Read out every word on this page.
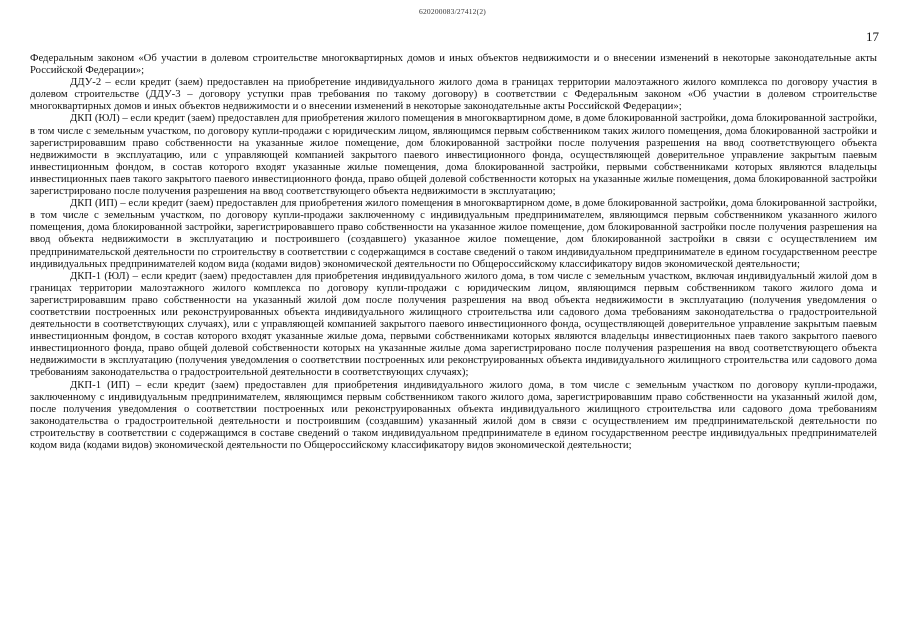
620200083/27412(2)
17

Федеральным законом «Об участии в долевом строительстве многоквартирных домов и иных объектов недвижимости и о внесении изменений в некоторые законодательные акты Российской Федерации»;

ДДУ-2 – если кредит (заем) предоставлен на приобретение индивидуального жилого дома в границах территории малоэтажного жилого комплекса по договору участия в долевом строительстве (ДДУ-3 – договору уступки прав требования по такому договору) в соответствии с Федеральным законом «Об участии в долевом строительстве многоквартирных домов и иных объектов недвижимости и о внесении изменений в некоторые законодательные акты Российской Федерации»;

ДКП (ЮЛ) – если кредит (заем) предоставлен для приобретения жилого помещения в многоквартирном доме, в доме блокированной застройки, дома блокированной застройки, в том числе с земельным участком, по договору купли-продажи с юридическим лицом, являющимся первым собственником таких жилого помещения, дома блокированной застройки и зарегистрировавшим право собственности на указанные жилое помещение, дом блокированной застройки после получения разрешения на ввод соответствующего объекта недвижимости в эксплуатацию, или с управляющей компанией закрытого паевого инвестиционного фонда, осуществляющей доверительное управление закрытым паевым инвестиционным фондом, в состав которого входят указанные жилые помещения, дома блокированной застройки, первыми собственниками которых являются владельцы инвестиционных паев такого закрытого паевого инвестиционного фонда, право общей долевой собственности которых на указанные жилые помещения, дома блокированной застройки зарегистрировано после получения разрешения на ввод соответствующего объекта недвижимости в эксплуатацию;

ДКП (ИП) – если кредит (заем) предоставлен для приобретения жилого помещения в многоквартирном доме, в доме блокированной застройки, дома блокированной застройки, в том числе с земельным участком, по договору купли-продажи заключенному с индивидуальным предпринимателем, являющимся первым собственником указанного жилого помещения, дома блокированной застройки, зарегистрировавшего право собственности на указанное жилое помещение, дом блокированной застройки после получения разрешения на ввод объекта недвижимости в эксплуатацию и построившего (создавшего) указанное жилое помещение, дом блокированной застройки в связи с осуществлением им предпринимательской деятельности по строительству в соответствии с содержащимся в составе сведений о таком индивидуальном предпринимателе в едином государственном реестре индивидуальных предпринимателей кодом вида (кодами видов) экономической деятельности по Общероссийскому классификатору видов экономической деятельности;

ДКП-1 (ЮЛ) – если кредит (заем) предоставлен для приобретения индивидуального жилого дома, в том числе с земельным участком, включая индивидуальный жилой дом в границах территории малоэтажного жилого комплекса по договору купли-продажи с юридическим лицом, являющимся первым собственником такого жилого дома и зарегистрировавшим право собственности на указанный жилой дом после получения разрешения на ввод объекта недвижимости в эксплуатацию (получения уведомления о соответствии построенных или реконструированных объекта индивидуального жилищного строительства или садового дома требованиям законодательства о градостроительной деятельности в соответствующих случаях), или с управляющей компанией закрытого паевого инвестиционного фонда, осуществляющей доверительное управление закрытым паевым инвестиционным фондом, в состав которого входят указанные жилые дома, первыми собственниками которых являются владельцы инвестиционных паев такого закрытого паевого инвестиционного фонда, право общей долевой собственности которых на указанные жилые дома зарегистрировано после получения разрешения на ввод соответствующего объекта недвижимости в эксплуатацию (получения уведомления о соответствии построенных или реконструированных объекта индивидуального жилищного строительства или садового дома требованиям законодательства о градостроительной деятельности в соответствующих случаях);

ДКП-1 (ИП) – если кредит (заем) предоставлен для приобретения индивидуального жилого дома, в том числе с земельным участком по договору купли-продажи, заключенному с индивидуальным предпринимателем, являющимся первым собственником такого жилого дома, зарегистрировавшим право собственности на указанный жилой дом, после получения уведомления о соответствии построенных или реконструированных объекта индивидуального жилищного строительства или садового дома требованиям законодательства о градостроительной деятельности и построившим (создавшим) указанный жилой дом в связи с осуществлением им предпринимательской деятельности по строительству в соответствии с содержащимся в составе сведений о таком индивидуальном предпринимателе в едином государственном реестре индивидуальных предпринимателей кодом вида (кодами видов) экономической деятельности по Общероссийскому классификатору видов экономической деятельности;
